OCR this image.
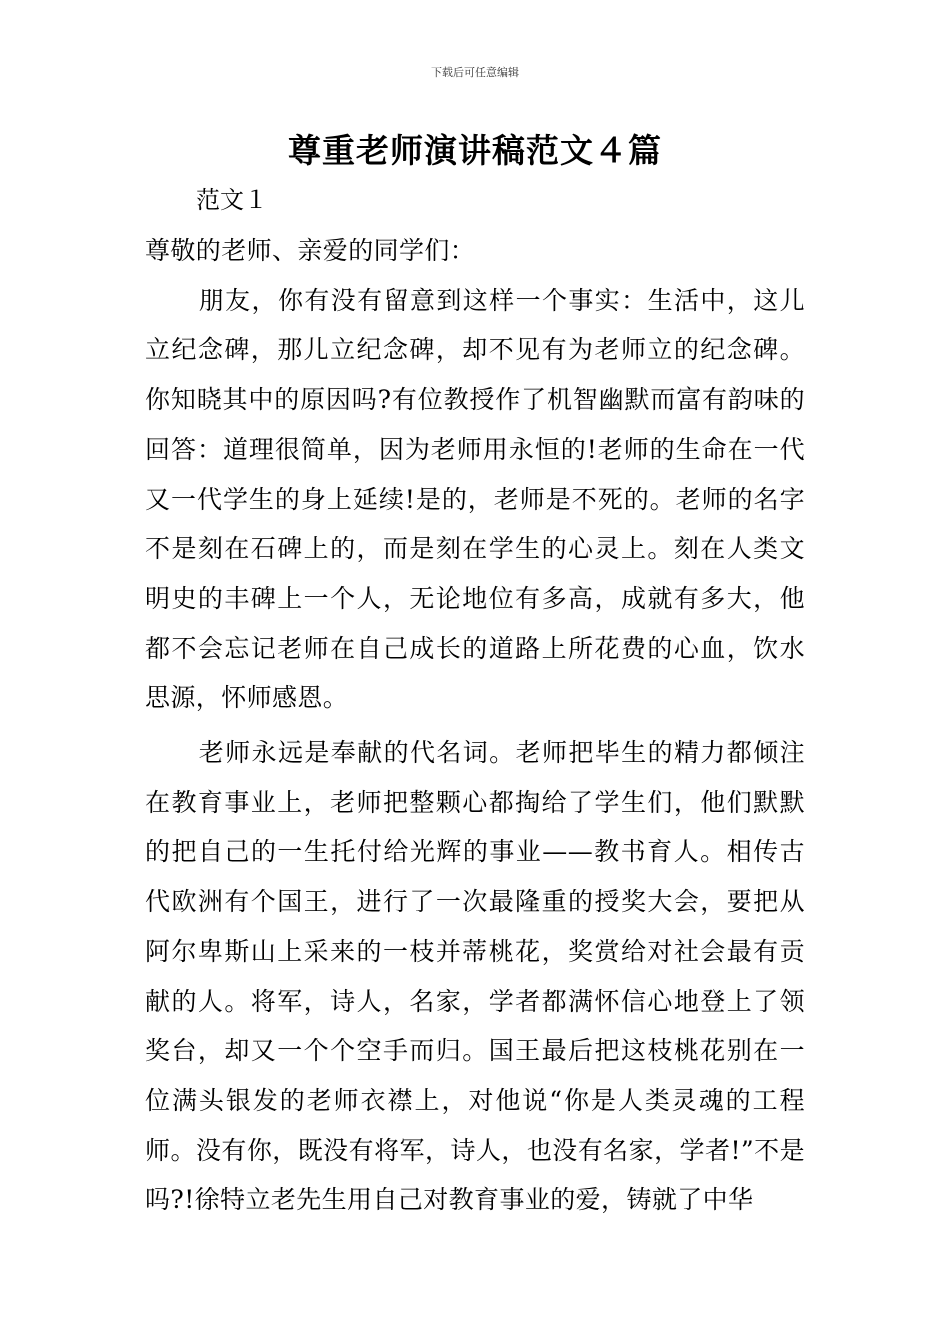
下载后可任意编辑
尊重老师演讲稿范文４篇
范文１

尊敬的老师、亲爱的同学们：

朋友，你有没有留意到这样一个事实：生活中，这儿立纪念碑，那儿立纪念碑，却不见有为老师立的纪念碑。你知晓其中的原因吗?有位教授作了机智幽默而富有韵味的回答：道理很简单，因为老师用永恒的!老师的生命在一代又一代学生的身上延续!是的，老师是不死的。老师的名字不是刻在石碑上的，而是刻在学生的心灵上。刻在人类文明史的丰碑上一个人，无论地位有多高，成就有多大，他都不会忘记老师在自己成长的道路上所花费的心血，饮水思源，怀师感恩。

老师永远是奉献的代名词。老师把毕生的精力都倾注在教育事业上，老师把整颗心都掏给了学生们，他们默默的把自己的一生托付给光辉的事业——教书育人。相传古代欧洲有个国王，进行了一次最隆重的授奖大会，要把从阿尔卑斯山上采来的一枝并蒂桃花，奖赏给对社会最有贡献的人。将军，诗人，名家，学者都满怀信心地登上了领奖台，却又一个个空手而归。国王最后把这枝桃花别在一位满头银发的老师衣襟上，对他说“你是人类灵魂的工程师。没有你，既没有将军，诗人，也没有名家，学者!”不是吗?!徐特立老先生用自己对教育事业的爱，铸就了中华
